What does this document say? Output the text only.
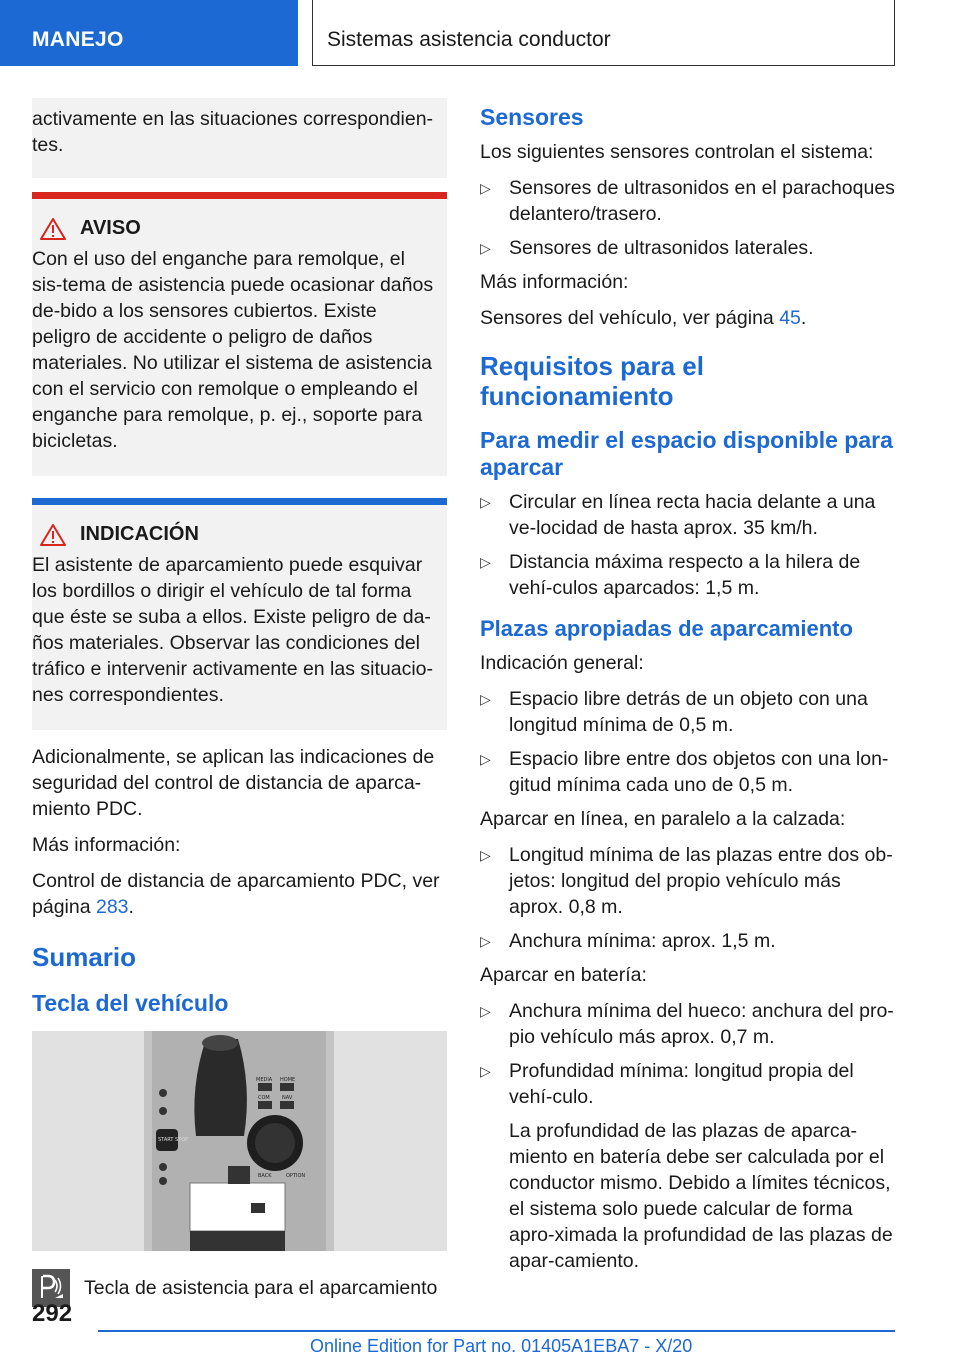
MANEJO	Sistemas asistencia conductor

activamente en las situaciones correspondien-tes.

AVISO

Con el uso del enganche para remolque, el sis-tema de asistencia puede ocasionar daños de-bido a los sensores cubiertos. Existe peligro de accidente o peligro de daños materiales. No utilizar el sistema de asistencia con el servicio con remolque o empleando el enganche para remolque, p. ej., soporte para bicicletas.

INDICACIÓN

El asistente de aparcamiento puede esquivar los bordillos o dirigir el vehículo de tal forma que éste se suba a ellos. Existe peligro de da-ños materiales. Observar las condiciones del tráfico e intervenir activamente en las situacio-nes correspondientes.

Adicionalmente, se aplican las indicaciones de seguridad del control de distancia de aparca-miento PDC.

Más información:

Control de distancia de aparcamiento PDC, ver página 283.

Sumario
Tecla del vehículo
MEDIA HOME
COM NAV
BACK	OPTION
START STOP
Tecla de asistencia para el aparcamiento
Sensores

Los siguientes sensores controlan el sistema:

▷ Sensores de ultrasonidos en el parachoques delantero/trasero.
▷ Sensores de ultrasonidos laterales.

Más información:

Sensores del vehículo, ver página 45.

Requisitos para el funcionamiento
Para medir el espacio disponible para aparcar
▷ Circular en línea recta hacia delante a una ve-locidad de hasta aprox. 35 km/h.
▷ Distancia máxima respecto a la hilera de vehí-culos aparcados: 1,5 m.
Plazas apropiadas de aparcamiento

Indicación general:

▷ Espacio libre detrás de un objeto con una longitud mínima de 0,5 m.
▷ Espacio libre entre dos objetos con una lon-gitud mínima cada uno de 0,5 m.

Aparcar en línea, en paralelo a la calzada:

▷ Longitud mínima de las plazas entre dos ob-jetos: longitud del propio vehículo más aprox. 0,8 m.
▷ Anchura mínima: aprox. 1,5 m.

Aparcar en batería:

▷ Anchura mínima del hueco: anchura del pro-pio vehículo más aprox. 0,7 m.
▷ Profundidad mínima: longitud propia del vehí-culo.

La profundidad de las plazas de aparca-miento en batería debe ser calculada por el conductor mismo. Debido a límites técnicos, el sistema solo puede calcular de forma apro-ximada la profundidad de las plazas de apar-camiento.

292
Online Edition for Part no. 01405A1EBA7 - X/20
